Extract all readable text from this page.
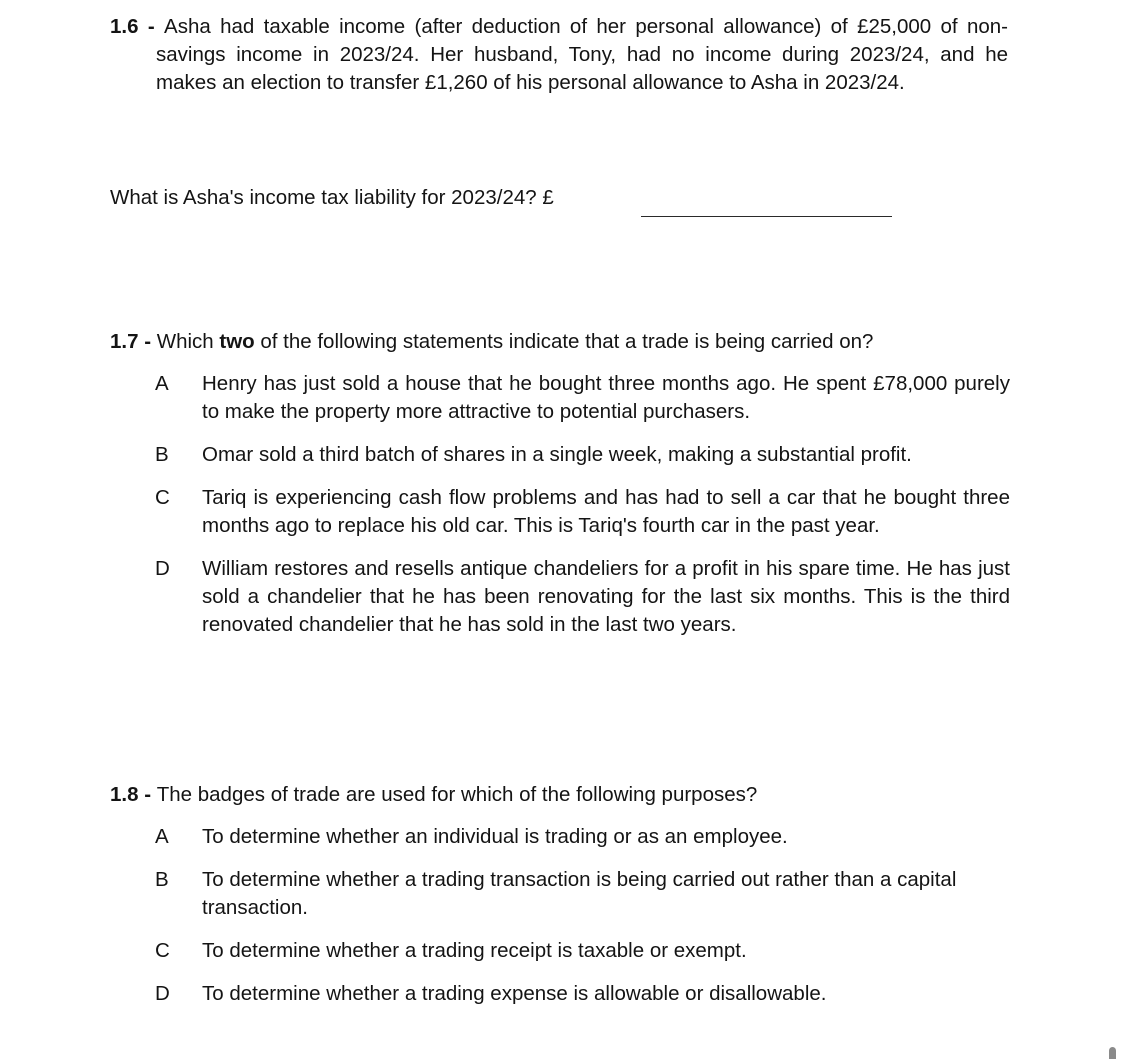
1.6 - Asha had taxable income (after deduction of her personal allowance) of £25,000 of non-savings income in 2023/24. Her husband, Tony, had no income during 2023/24, and he makes an election to transfer £1,260 of his personal allowance to Asha in 2023/24.

What is Asha's income tax liability for 2023/24? £
1.7 - Which two of the following statements indicate that a trade is being carried on?
A	Henry has just sold a house that he bought three months ago. He spent £78,000 purely to make the property more attractive to potential purchasers.
B	Omar sold a third batch of shares in a single week, making a substantial profit.
C	Tariq is experiencing cash flow problems and has had to sell a car that he bought three months ago to replace his old car. This is Tariq's fourth car in the past year.
D	William restores and resells antique chandeliers for a profit in his spare time. He has just sold a chandelier that he has been renovating for the last six months. This is the third renovated chandelier that he has sold in the last two years.
1.8 - The badges of trade are used for which of the following purposes?
A	To determine whether an individual is trading or as an employee.
B	To determine whether a trading transaction is being carried out rather than a capital transaction.
C	To determine whether a trading receipt is taxable or exempt.
D	To determine whether a trading expense is allowable or disallowable.
